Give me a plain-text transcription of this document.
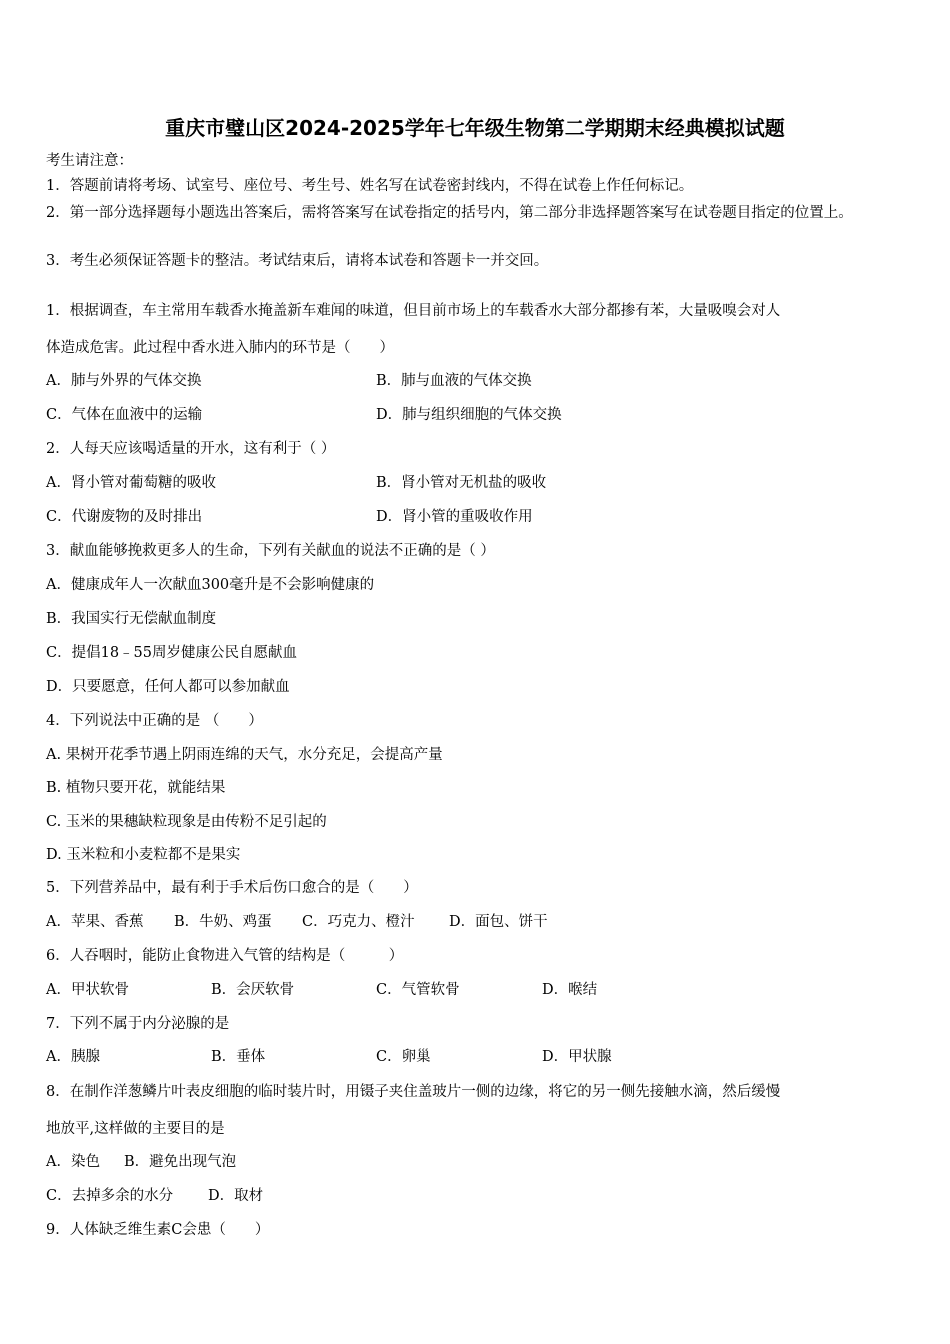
重庆市璧山区2024-2025学年七年级生物第二学期期末经典模拟试题
考生请注意：
1．答题前请将考场、试室号、座位号、考生号、姓名写在试卷密封线内，不得在试卷上作任何标记。
2．第一部分选择题每小题选出答案后，需将答案写在试卷指定的括号内，第二部分非选择题答案写在试卷题目指定的位置上。
3．考生必须保证答题卡的整洁。考试结束后，请将本试卷和答题卡一并交回。
1．根据调查，车主常用车载香水掩盖新车难闻的味道，但目前市场上的车载香水大部分都掺有苯，大量吸嗅会对人
体造成危害。此过程中香水进入肺内的环节是（　　）
A．肺与外界的气体交换	B．肺与血液的气体交换
C．气体在血液中的运输	D．肺与组织细胞的气体交换
2．人每天应该喝适量的开水，这有利于（ ）
A．肾小管对葡萄糖的吸收	B．肾小管对无机盐的吸收
C．代谢废物的及时排出	D．肾小管的重吸收作用
3．献血能够挽救更多人的生命，下列有关献血的说法不正确的是（ ）
A．健康成年人一次献血300毫升是不会影响健康的
B．我国实行无偿献血制度
C．提倡18﹣55周岁健康公民自愿献血
D．只要愿意，任何人都可以参加献血
4．下列说法中正确的是 （　　）
A. 果树开花季节遇上阴雨连绵的天气，水分充足，会提高产量
B. 植物只要开花，就能结果
C. 玉米的果穗缺粒现象是由传粉不足引起的
D. 玉米粒和小麦粒都不是果实
5．下列营养品中，最有利于手术后伤口愈合的是（　　）
A．苹果、香蕉 B．牛奶、鸡蛋 C．巧克力、橙汁 D．面包、饼干
6．人吞咽时，能防止食物进入气管的结构是（　　　）
A．甲状软骨	B．会厌软骨	C．气管软骨	D．喉结
7．下列不属于内分泌腺的是
A．胰腺	B．垂体	C．卵巢	D．甲状腺
8．在制作洋葱鳞片叶表皮细胞的临时装片时，用镊子夹住盖玻片一侧的边缘，将它的另一侧先接触水滴，然后缓慢
地放平,这样做的主要目的是
A．染色 B．避免出现气泡
C．去掉多余的水分 D．取材
9．人体缺乏维生素C会患（　　）
